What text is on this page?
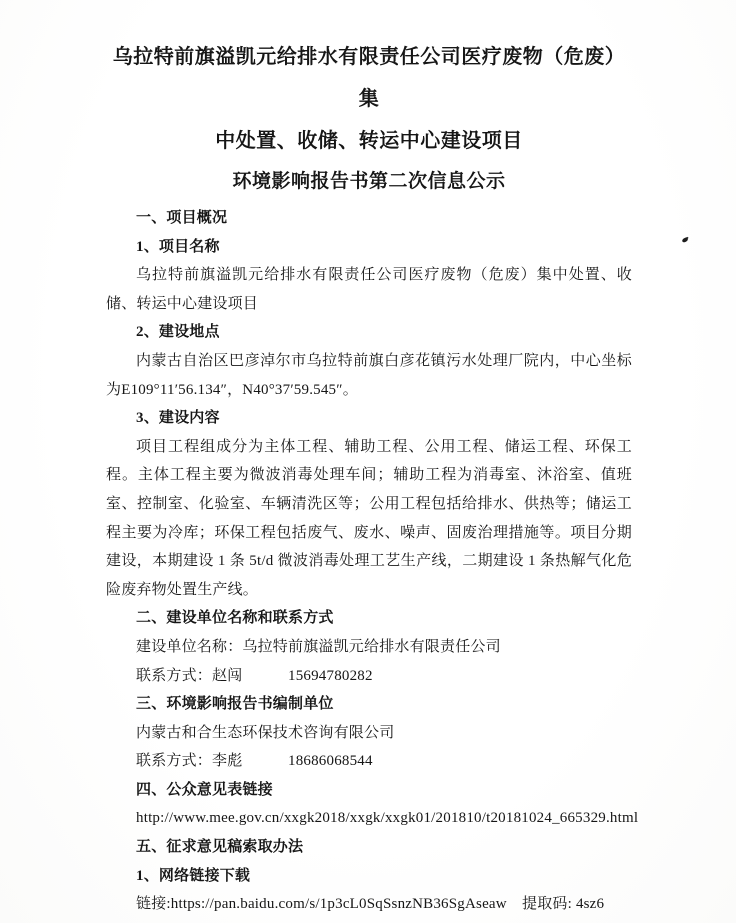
乌拉特前旗溢凯元给排水有限责任公司医疗废物（危废）集
中处置、收储、转运中心建设项目
环境影响报告书第二次信息公示

一、项目概况

1、项目名称

乌拉特前旗溢凯元给排水有限责任公司医疗废物（危废）集中处置、收储、转运中心建设项目

2、建设地点

内蒙古自治区巴彦淖尔市乌拉特前旗白彦花镇污水处理厂院内，中心坐标为E109°11′56.134″，N40°37′59.545″。

3、建设内容

项目工程组成分为主体工程、辅助工程、公用工程、储运工程、环保工程。主体工程主要为微波消毒处理车间；辅助工程为消毒室、沐浴室、值班室、控制室、化验室、车辆清洗区等；公用工程包括给排水、供热等；储运工程主要为冷库；环保工程包括废气、废水、噪声、固废治理措施等。项目分期建设，本期建设 1 条 5t/d 微波消毒处理工艺生产线，二期建设 1 条热解气化危险废弃物处置生产线。

二、建设单位名称和联系方式

建设单位名称：乌拉特前旗溢凯元给排水有限责任公司

联系方式：赵闯　　　15694780282

三、环境影响报告书编制单位

内蒙古和合生态环保技术咨询有限公司

联系方式：李彪　　　18686068544

四、公众意见表链接

http://www.mee.gov.cn/xxgk2018/xxgk/xxgk01/201810/t20181024_665329.html

五、征求意见稿索取办法

1、网络链接下载

链接:https://pan.baidu.com/s/1p3cL0SqSsnzNB36SgAseaw　提取码: 4sz6
